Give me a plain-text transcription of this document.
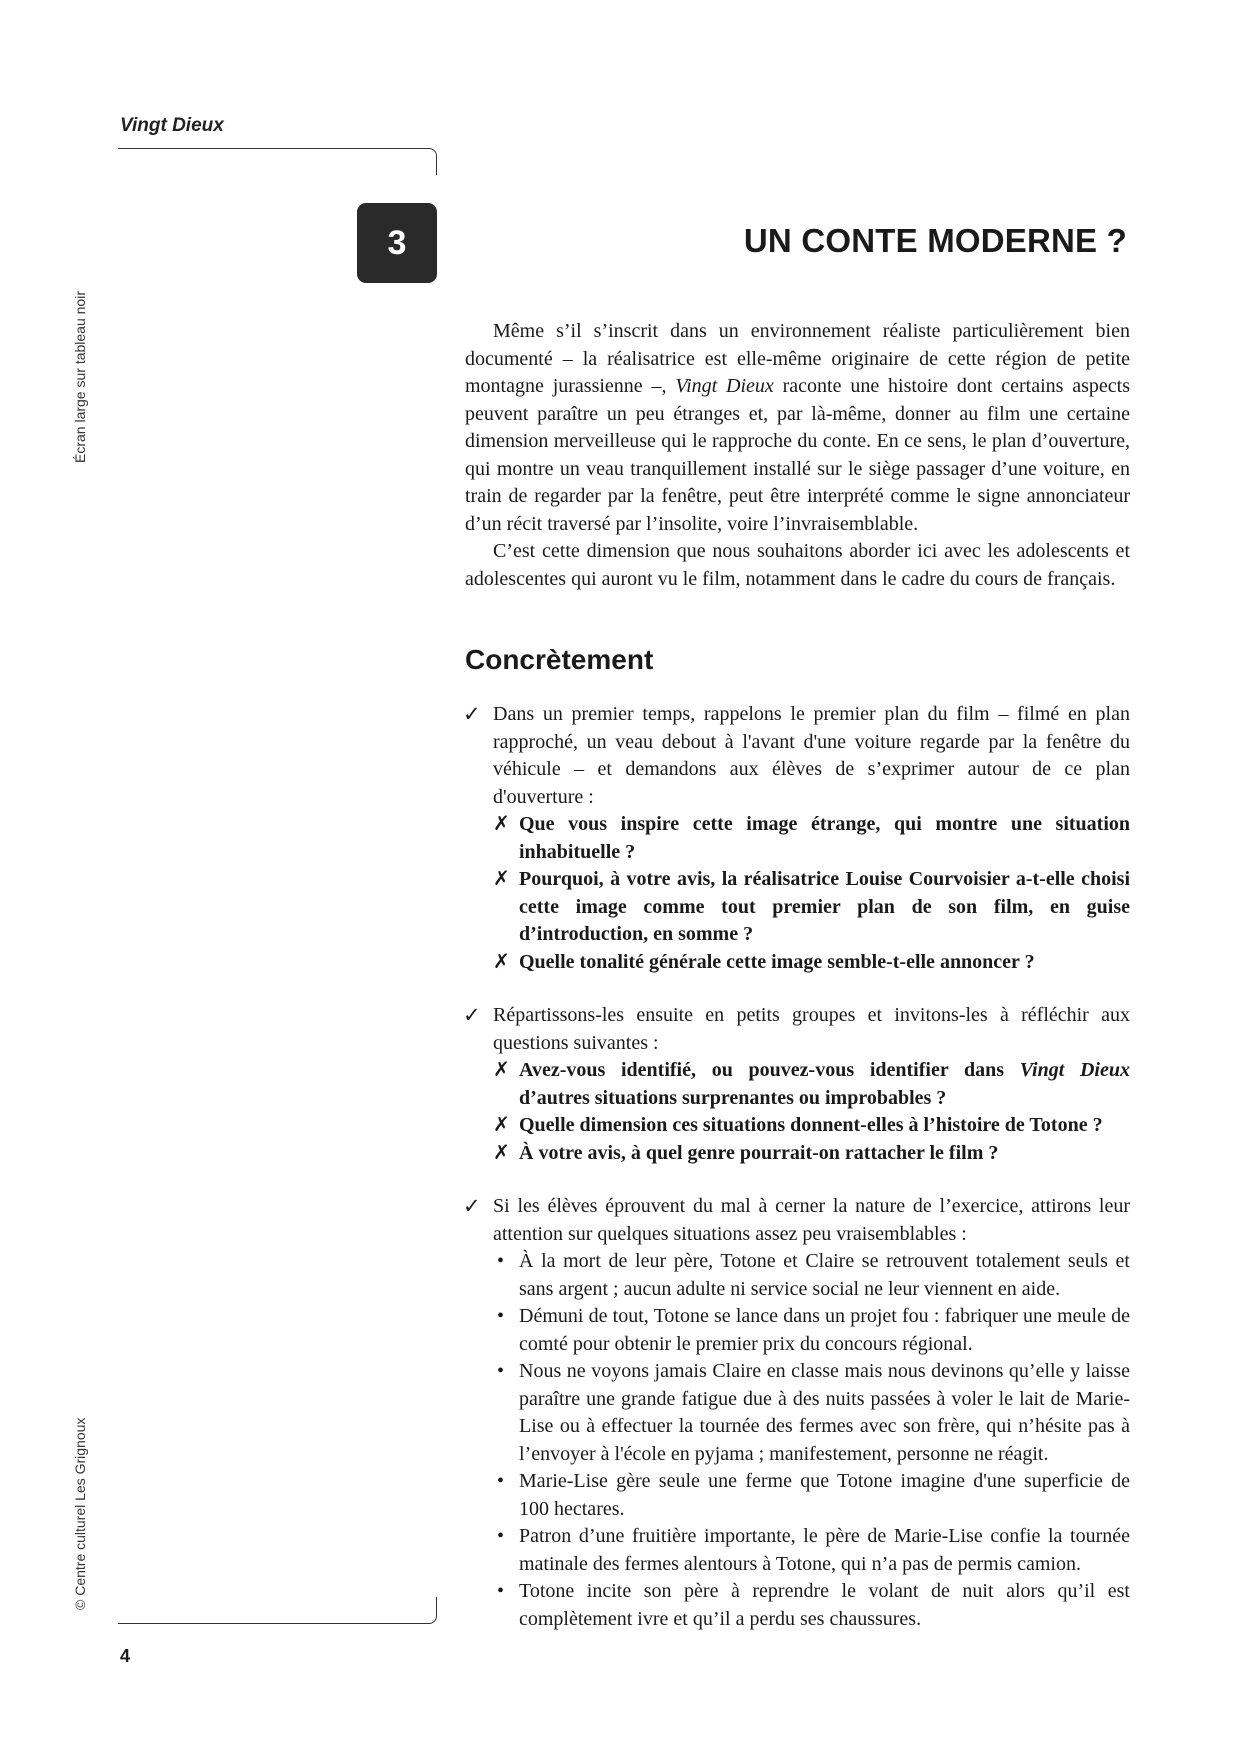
Vingt Dieux
Écran large sur tableau noir
© Centre culturel Les Grignoux
3	UN CONTE MODERNE ?

Même s’il s’inscrit dans un environnement réaliste particulièrement bien documenté – la réalisatrice est elle-même originaire de cette région de petite montagne jurassienne –, Vingt Dieux raconte une histoire dont certains aspects peuvent paraître un peu étranges et, par là-même, donner au film une certaine dimension merveilleuse qui le rapproche du conte. En ce sens, le plan d’ouverture, qui montre un veau tranquillement installé sur le siège passager d’une voiture, en train de regarder par la fenêtre, peut être interprété comme le signe annonciateur d’un récit traversé par l’insolite, voire l’invraisemblable.

C’est cette dimension que nous souhaitons aborder ici avec les adolescents et adolescentes qui auront vu le film, notamment dans le cadre du cours de français.

Concrètement
✓ Dans un premier temps, rappelons le premier plan du film – filmé en plan rapproché, un veau debout à l'avant d'une voiture regarde par la fenêtre du véhicule – et demandons aux élèves de s’exprimer autour de ce plan d'ouverture :
✗ Que vous inspire cette image étrange, qui montre une situation inhabituelle ?
✗ Pourquoi, à votre avis, la réalisatrice Louise Courvoisier a-t-elle choisi cette image comme tout premier plan de son film, en guise d’introduction, en somme ?
✗ Quelle tonalité générale cette image semble-t-elle annoncer ?
✓ Répartissons-les ensuite en petits groupes et invitons-les à réfléchir aux questions suivantes :
✗ Avez-vous identifié, ou pouvez-vous identifier dans Vingt Dieux d’autres situations surprenantes ou improbables ?
✗ Quelle dimension ces situations donnent-elles à l’histoire de Totone ?
✗ À votre avis, à quel genre pourrait-on rattacher le film ?
✓ Si les élèves éprouvent du mal à cerner la nature de l’exercice, attirons leur attention sur quelques situations assez peu vraisemblables :
• À la mort de leur père, Totone et Claire se retrouvent totalement seuls et sans argent ; aucun adulte ni service social ne leur viennent en aide.
• Démuni de tout, Totone se lance dans un projet fou : fabriquer une meule de comté pour obtenir le premier prix du concours régional.
• Nous ne voyons jamais Claire en classe mais nous devinons qu’elle y laisse paraître une grande fatigue due à des nuits passées à voler le lait de Marie-Lise ou à effectuer la tournée des fermes avec son frère, qui n’hésite pas à l’envoyer à l'école en pyjama ; manifestement, personne ne réagit.
• Marie-Lise gère seule une ferme que Totone imagine d'une superficie de 100 hectares.
• Patron d’une fruitière importante, le père de Marie-Lise confie la tournée matinale des fermes alentours à Totone, qui n’a pas de permis camion.
• Totone incite son père à reprendre le volant de nuit alors qu’il est complètement ivre et qu’il a perdu ses chaussures.
4
